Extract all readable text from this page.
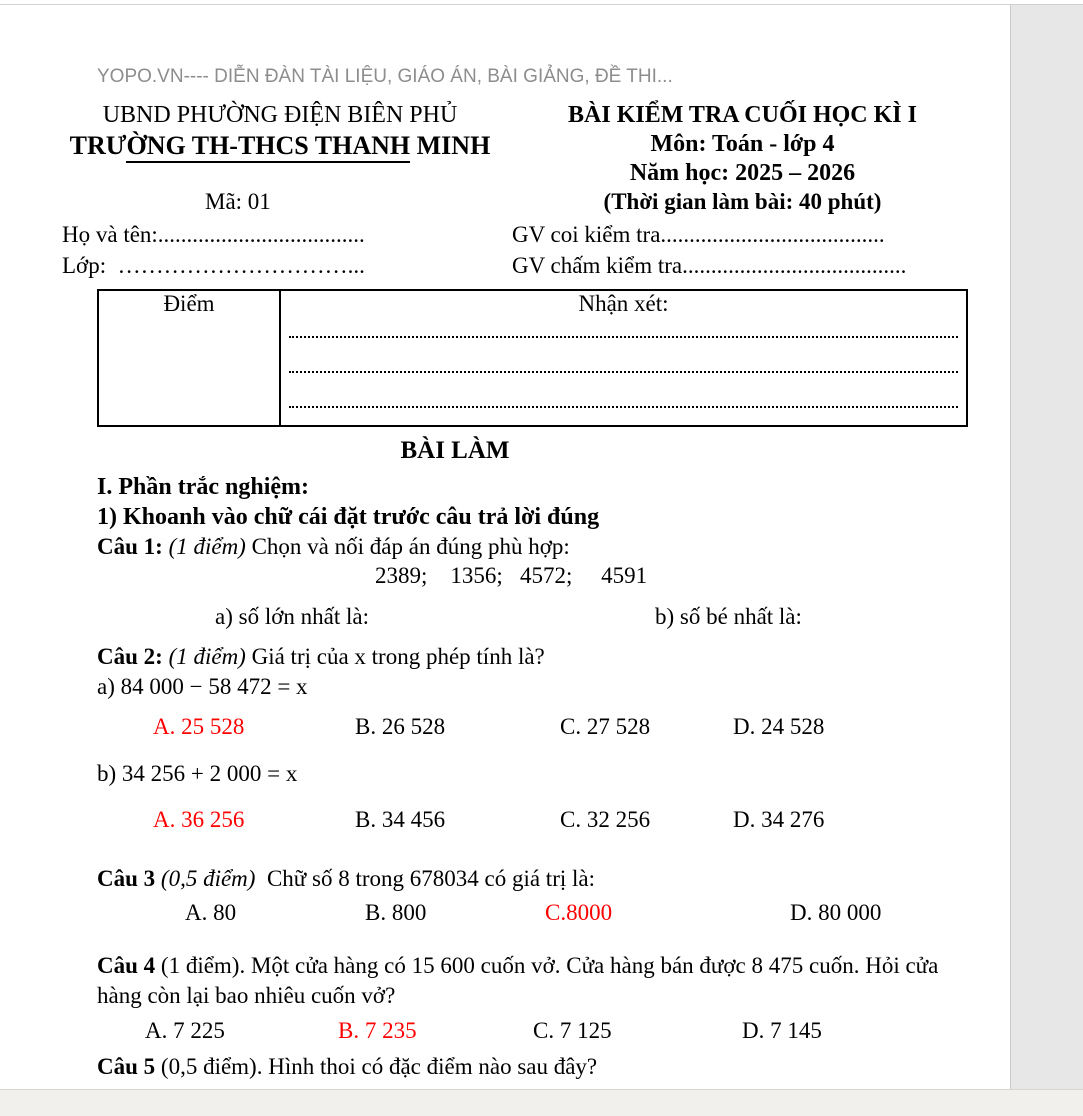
YOPO.VN---- DIỄN ĐÀN TÀI LIỆU, GIÁO ÁN, BÀI GIẢNG, ĐỀ THI...
UBND PHƯỜNG ĐIỆN BIÊN PHỦ
TRƯỜNG TH-THCS THANH MINH
Mã: 01
BÀI KIỂM TRA CUỐI HỌC KÌ I
Môn: Toán - lớp 4
Năm học: 2025 – 2026
(Thời gian làm bài: 40 phút)
Họ và tên:....................................	GV coi kiểm tra.......................................
Lớp:  …………………………...	GV chấm kiểm tra.......................................
Điểm	Nhận xét:
BÀI LÀM
I. Phần trắc nghiệm:
1) Khoanh vào chữ cái đặt trước câu trả lời đúng
Câu 1: (1 điểm) Chọn và nối đáp án đúng phù hợp:
2389;    1356;   4572;     4591
a) số lớn nhất là:	b) số bé nhất là:
Câu 2: (1 điểm) Giá trị của x trong phép tính là?
a) 84 000 − 58 472 = x
A. 25 528	B. 26 528	C. 27 528	D. 24 528
b) 34 256 + 2 000 = x
A. 36 256	B. 34 456	C. 32 256	D. 34 276
Câu 3 (0,5 điểm)  Chữ số 8 trong 678034 có giá trị là:
A. 80	B. 800	C.8000	D. 80 000
Câu 4 (1 điểm). Một cửa hàng có 15 600 cuốn vở. Cửa hàng bán được 8 475 cuốn. Hỏi cửa hàng còn lại bao nhiêu cuốn vở?
A. 7 225	B. 7 235	C. 7 125	D. 7 145
Câu 5 (0,5 điểm). Hình thoi có đặc điểm nào sau đây?
